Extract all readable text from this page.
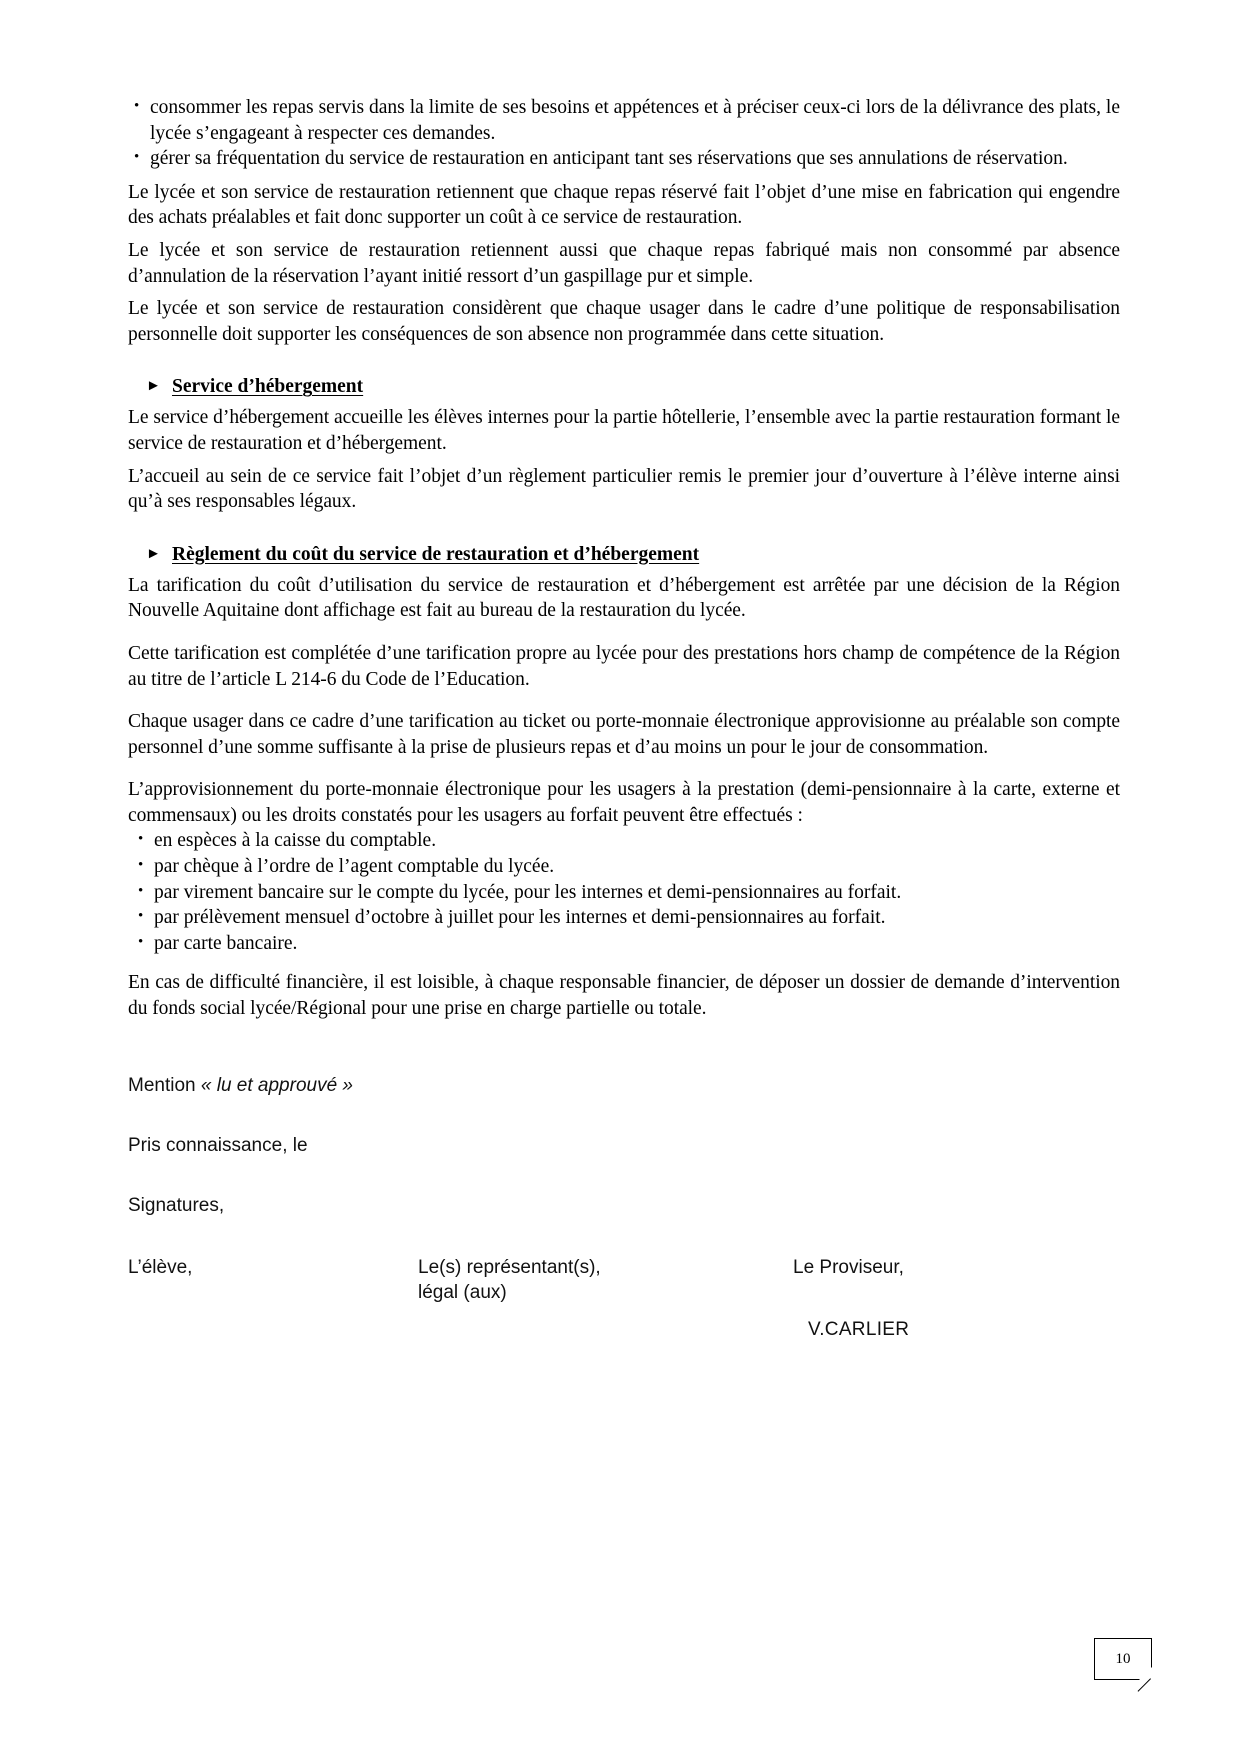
• consommer les repas servis dans la limite de ses besoins et appétences et à préciser ceux-ci lors de la délivrance des plats, le lycée s’engageant à respecter ces demandes.
• gérer sa fréquentation du service de restauration en anticipant tant ses réservations que ses annulations de réservation.

Le lycée et son service de restauration retiennent que chaque repas réservé fait l’objet d’une mise en fabrication qui engendre des achats préalables et fait donc supporter un coût à ce service de restauration.

Le lycée et son service de restauration retiennent aussi que chaque repas fabriqué mais non consommé par absence d’annulation de la réservation l’ayant initié ressort d’un gaspillage pur et simple.

Le lycée et son service de restauration considèrent que chaque usager dans le cadre d’une politique de responsabilisation personnelle doit supporter les conséquences de son absence non programmée dans cette situation.

► Service d’hébergement

Le service d’hébergement accueille les élèves internes pour la partie hôtellerie, l’ensemble avec la partie restauration formant le service de restauration et d’hébergement.

L’accueil au sein de ce service fait l’objet d’un règlement particulier remis le premier jour d’ouverture à l’élève interne ainsi qu’à ses responsables légaux.

► Règlement du coût du service de restauration et d’hébergement

La tarification du coût d’utilisation du service de restauration et d’hébergement est arrêtée par une décision de la Région Nouvelle Aquitaine dont affichage est fait au bureau de la restauration du lycée.

Cette tarification est complétée d’une tarification propre au lycée pour des prestations hors champ de compétence de la Région au titre de l’article L 214-6 du Code de l’Education.

Chaque usager dans ce cadre d’une tarification au ticket ou porte-monnaie électronique approvisionne au préalable son compte personnel d’une somme suffisante à la prise de plusieurs repas et d’au moins un pour le jour de consommation.

L’approvisionnement du porte-monnaie électronique pour les usagers à la prestation (demi-pensionnaire à la carte, externe et commensaux) ou les droits constatés pour les usagers au forfait peuvent être effectués :

• en espèces à la caisse du comptable.
• par chèque à l’ordre de l’agent comptable du lycée.
• par virement bancaire sur le compte du lycée, pour les internes et demi-pensionnaires au forfait.
• par prélèvement mensuel d’octobre à juillet pour les internes et demi-pensionnaires au forfait.
• par carte bancaire.

En cas de difficulté financière, il est loisible, à chaque responsable financier, de déposer un dossier de demande d’intervention du fonds social lycée/Régional pour une prise en charge partielle ou totale.

Mention « lu et approuvé »
Pris connaissance, le
Signatures,
L’élève,	Le(s) représentant(s),
légal (aux)
Le Proviseur,
V.CARLIER
10
